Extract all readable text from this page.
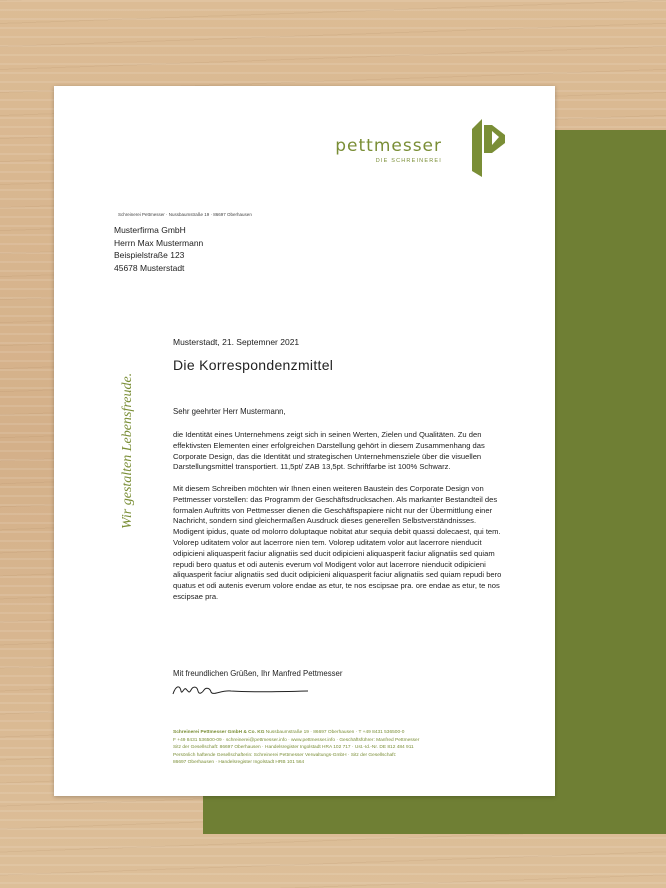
pettmesser
DIE SCHREINEREI
Schreinerei Pettmesser · Nussbaumstraße 19 · 86697 Oberhausen
Musterfirma GmbH
Herrn Max Mustermann
Beispielstraße 123
45678 Musterstadt
Wir gestalten Lebensfreude.
Musterstadt, 21. Septemner 2021
Die Korrespondenzmittel
Sehr geehrter Herr Mustermann,

die Identität eines Unternehmens zeigt sich in seinen Werten, Zielen und Qualitäten. Zu den effektivsten Elementen einer erfolgreichen Darstellung gehört in diesem Zusammenhang das Corporate Design, das die Identität und strategischen Unternehmensziele über die visuellen Darstellungsmittel transportiert. 11,5pt/ ZAB 13,5pt. Schriftfarbe ist 100% Schwarz.

Mit diesem Schreiben möchten wir Ihnen einen weiteren Baustein des Corporate Design von Pettmesser vorstellen: das Programm der Geschäftsdrucksachen. Als markanter Bestandteil des formalen Auftritts von Pettmesser dienen die Geschäftspapiere nicht nur der Übermittlung einer Nachricht, sondern sind gleichermaßen Ausdruck dieses generellen Selbstverständnisses. Modigent ipidus, quate od molorro doluptaque nobitat atur sequia debit quassi dolecaest, qui tem. Volorep uditatem volor aut lacerrore nien tem. Volorep uditatem volor aut lacerrore nienducit odipicieni aliquasperit faciur alignatiis sed ducit odipicieni aliquasperit faciur alignatiis sed quiam repudi bero quatus et odi autenis everum vol Modigent volor aut lacerrore nienducit odipicieni aliquasperit faciur alignatiis sed ducit odipicieni aliquasperit faciur alignatiis sed quiam repudi bero quatus et odi autenis everum volore endae as etur, te nos escipsae pra. ore endae as etur, te nos escipsae pra.

Mit freundlichen Grüßen, Ihr Manfred Pettmesser
Schreinerei Pettmesser GmbH & Co. KG Nussbaumstraße 19 · 86697 Oberhausen · T +49 8431 536500-0
F +49 8431 536500-09 · schreinerei@pettmesser.info · www.pettmesser.info · Geschäftsführer: Manfred Pettmesser
Sitz der Gesellschaft: 86697 Oberhausen · Handelsregister Ingolstadt HRA 102 717 · Ust.-Id.-Nr. DE 812 484 911
Persönlich haftende Gesellschafterin: Schreinerei Pettmesser Verwaltungs-GmbH · Sitz der Gesellschaft:
86697 Oberhausen · Handelsregister Ingolstadt HRB 101 564
